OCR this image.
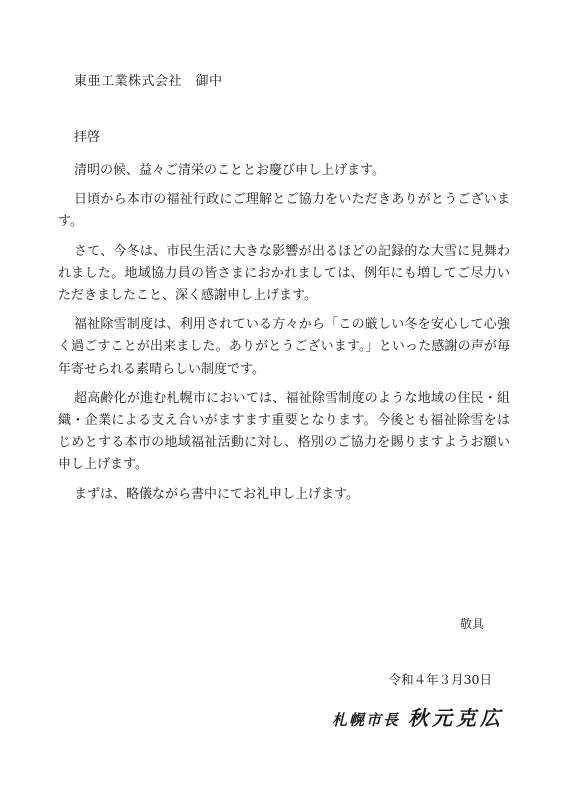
東亜工業株式会社　御中
拝啓

清明の候、益々ご清栄のこととお慶び申し上げます。

日頃から本市の福祉行政にご理解とご協力をいただきありがとうございます。

さて、今冬は、市民生活に大きな影響が出るほどの記録的な大雪に見舞われました。地域協力員の皆さまにおかれましては、例年にも増してご尽力いただきましたこと、深く感謝申し上げます。

福祉除雪制度は、利用されている方々から「この厳しい冬を安心して心強く過ごすことが出来ました。ありがとうございます。」といった感謝の声が毎年寄せられる素晴らしい制度です。

超高齢化が進む札幌市においては、福祉除雪制度のような地域の住民・組織・企業による支え合いがますます重要となります。今後とも福祉除雪をはじめとする本市の地域福祉活動に対し、格別のご協力を賜りますようお願い申し上げます。

まずは、略儀ながら書中にてお礼申し上げます。

敬具
令和４年３月30日
札幌市長 秋元克広
